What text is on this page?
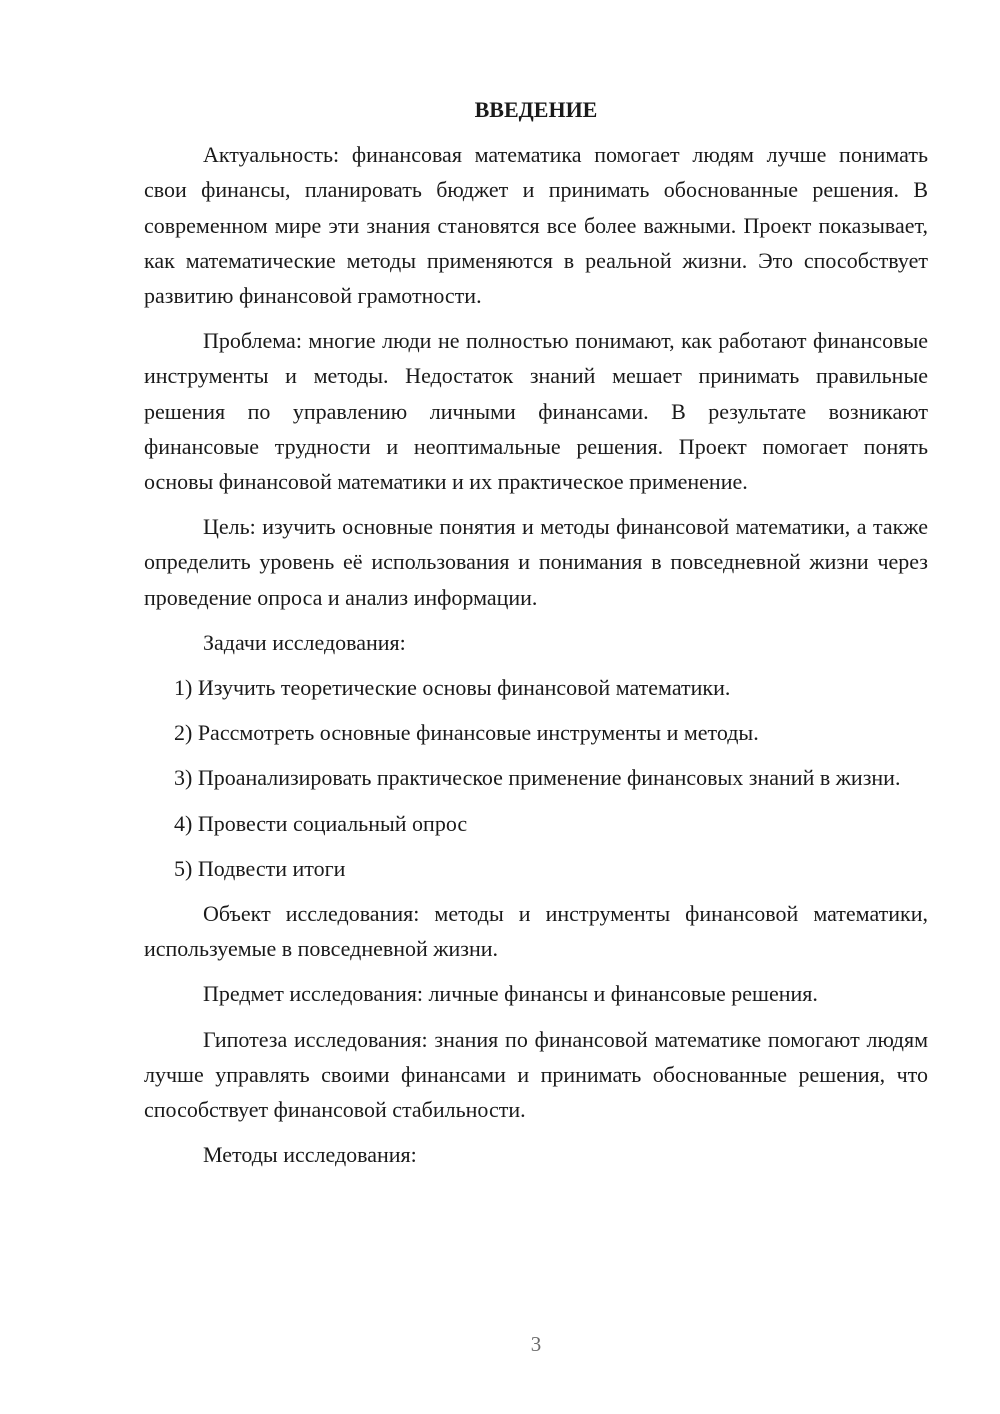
ВВЕДЕНИЕ

Актуальность: финансовая математика помогает людям лучше понимать свои финансы, планировать бюджет и принимать обоснованные решения. В современном мире эти знания становятся все более важными. Проект показывает, как математические методы применяются в реальной жизни. Это способствует развитию финансовой грамотности.

Проблема: многие люди не полностью понимают, как работают финансовые инструменты и методы. Недостаток знаний мешает принимать правильные решения по управлению личными финансами. В результате возникают финансовые трудности и неоптимальные решения. Проект помогает понять основы финансовой математики и их практическое применение.

Цель: изучить основные понятия и методы финансовой математики, а также определить уровень её использования и понимания в повседневной жизни через проведение опроса и анализ информации.

Задачи исследования:

1) Изучить теоретические основы финансовой математики.

2) Рассмотреть основные финансовые инструменты и методы.

3) Проанализировать практическое применение финансовых знаний в жизни.

4) Провести социальный опрос

5) Подвести итоги

Объект исследования: методы и инструменты финансовой математики, используемые в повседневной жизни.

Предмет исследования: личные финансы и финансовые решения.

Гипотеза исследования: знания по финансовой математике помогают людям лучше управлять своими финансами и принимать обоснованные решения, что способствует финансовой стабильности.

Методы исследования:

3
